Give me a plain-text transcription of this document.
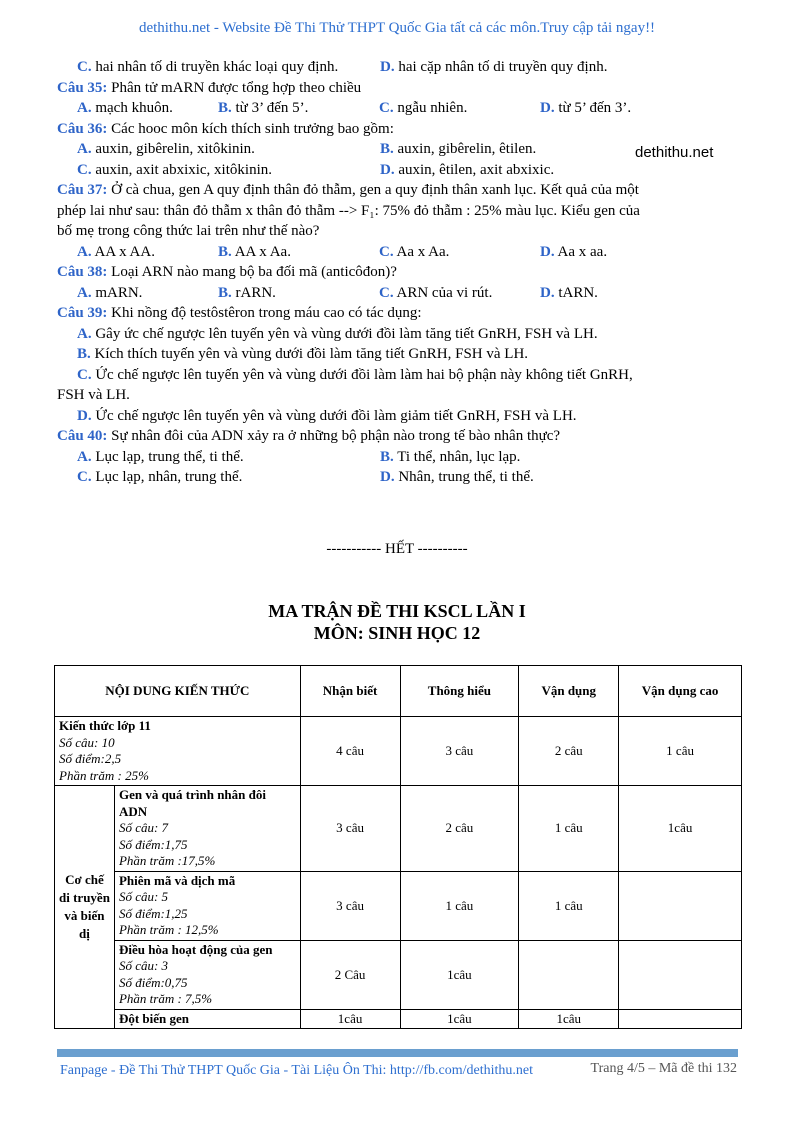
dethithu.net - Website Đề Thi Thử THPT Quốc Gia tất cả các môn.Truy cập tải ngay!!
dethithu.net
C. hai nhân tố di truyền khác loại quy định.	D. hai cặp nhân tố di truyền quy định.
Câu 35: Phân tử mARN được tổng hợp theo chiều
A. mạch khuôn.	B. từ 3’ đến 5’.	C. ngẫu nhiên.	D. từ 5’ đến 3’.
Câu 36: Các hooc môn kích thích sinh trưởng bao gồm:
A. auxin, gibêrelin, xitôkinin.	B. auxin, gibêrelin, êtilen.
C. auxin, axit abxixic, xitôkinin.	D. auxin, êtilen, axit abxixic.
Câu 37: Ở cà chua, gen A quy định thân đỏ thẫm, gen a quy định thân xanh lục. Kết quả của một
phép lai như sau: thân đỏ thẫm x thân đỏ thẫm --> F₁: 75% đỏ thẫm : 25% màu lục. Kiểu gen của
bố mẹ trong công thức lai trên như thế nào?
A. AA x AA.	B. AA x Aa.	C. Aa x Aa.	D. Aa x aa.
Câu 38: Loại ARN nào mang bộ ba đối mã (anticôđon)?
A. mARN.	B. rARN.	C. ARN của vi rút.	D. tARN.
Câu 39: Khi nồng độ testôstêron trong máu cao có tác dụng:
A. Gây ức chế ngược lên tuyến yên và vùng dưới đồi làm tăng tiết GnRH, FSH và LH.
B. Kích thích tuyến yên và vùng dưới đồi làm tăng tiết GnRH, FSH và LH.
C. Ức chế ngược lên tuyến yên và vùng dưới đồi làm làm hai bộ phận này không tiết GnRH,
FSH và LH.
D. Ức chế ngược lên tuyến yên và vùng dưới đồi làm giảm tiết GnRH, FSH và LH.
Câu 40: Sự nhân đôi của ADN xảy ra ở những bộ phận nào trong tế bào nhân thực?
A. Lục lạp, trung thể, ti thể.	B. Ti thể, nhân, lục lạp.
C. Lục lạp, nhân, trung thể.	D. Nhân, trung thể, ti thể.
----------- HẾT ----------
MA TRẬN ĐỀ THI KSCL LẦN I
MÔN: SINH HỌC 12
NỘI DUNG KIẾN THỨC		Nhận biết	Thông hiểu	Vận dụng	Vận dụng cao

Kiến thức lớp 11
Số câu: 10
Số điểm:2,5
Phần trăm : 25%		4 câu	3 câu	2 câu	1 câu
Cơ chế di truyền và biến dị	Gen và quá trình nhân đôi ADN
Số câu: 7
Số điểm:1,75
Phần trăm :17,5%	3 câu	2 câu	1 câu	1câu

	Phiên mã và dịch mã
Số câu: 5
Số điểm:1,25
Phần trăm : 12,5%	3 câu	1 câu	1 câu	

	Điều hòa hoạt động của gen
Số câu: 3
Số điểm:0,75
Phần trăm : 7,5%	2 Câu	1câu		
	Đột biến gen	1câu	1câu	1câu	
Fanpage - Đề Thi Thử THPT Quốc Gia - Tài Liệu Ôn Thi: http://fb.com/dethithu.net	Trang 4/5 – Mã đề thi 132
